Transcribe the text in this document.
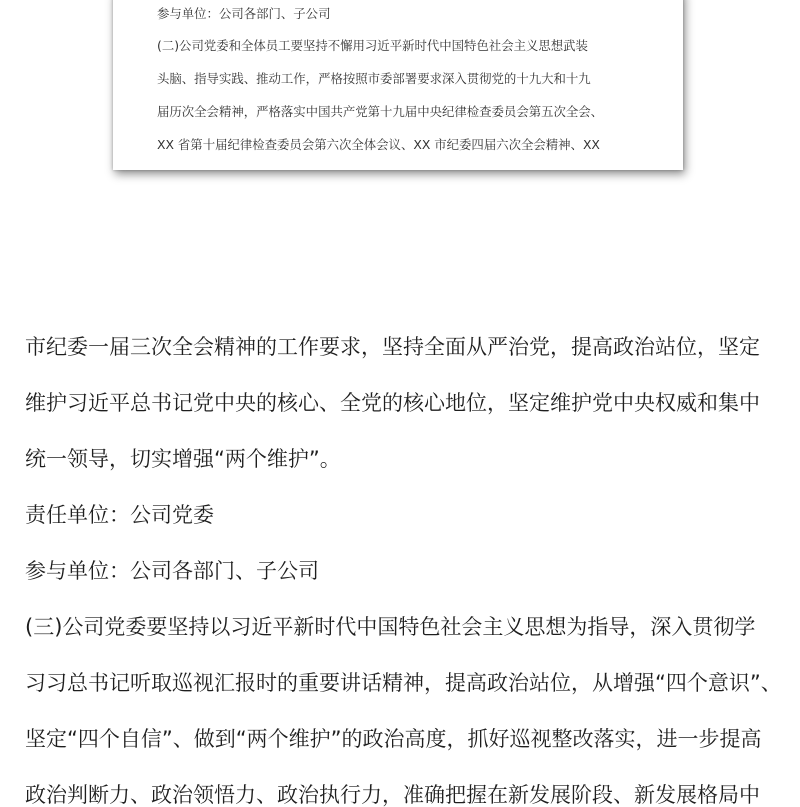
参与单位：公司各部门、子公司
(二)公司党委和全体员工要坚持不懈用习近平新时代中国特色社会主义思想武装
头脑、指导实践、推动工作，严格按照市委部署要求深入贯彻党的十九大和十九
届历次全会精神，严格落实中国共产党第十九届中央纪律检查委员会第五次全会、
XX 省第十届纪律检查委员会第六次全体会议、XX 市纪委四届六次全会精神、XX
市纪委一届三次全会精神的工作要求，坚持全面从严治党，提高政治站位，坚定
维护习近平总书记党中央的核心、全党的核心地位，坚定维护党中央权威和集中
统一领导，切实增强“两个维护”。
责任单位：公司党委
参与单位：公司各部门、子公司
(三)公司党委要坚持以习近平新时代中国特色社会主义思想为指导，深入贯彻学
习习总书记听取巡视汇报时的重要讲话精神，提高政治站位，从增强“四个意识”、
坚定“四个自信”、做到“两个维护”的政治高度，抓好巡视整改落实，进一步提高
政治判断力、政治领悟力、政治执行力，准确把握在新发展阶段、新发展格局中
